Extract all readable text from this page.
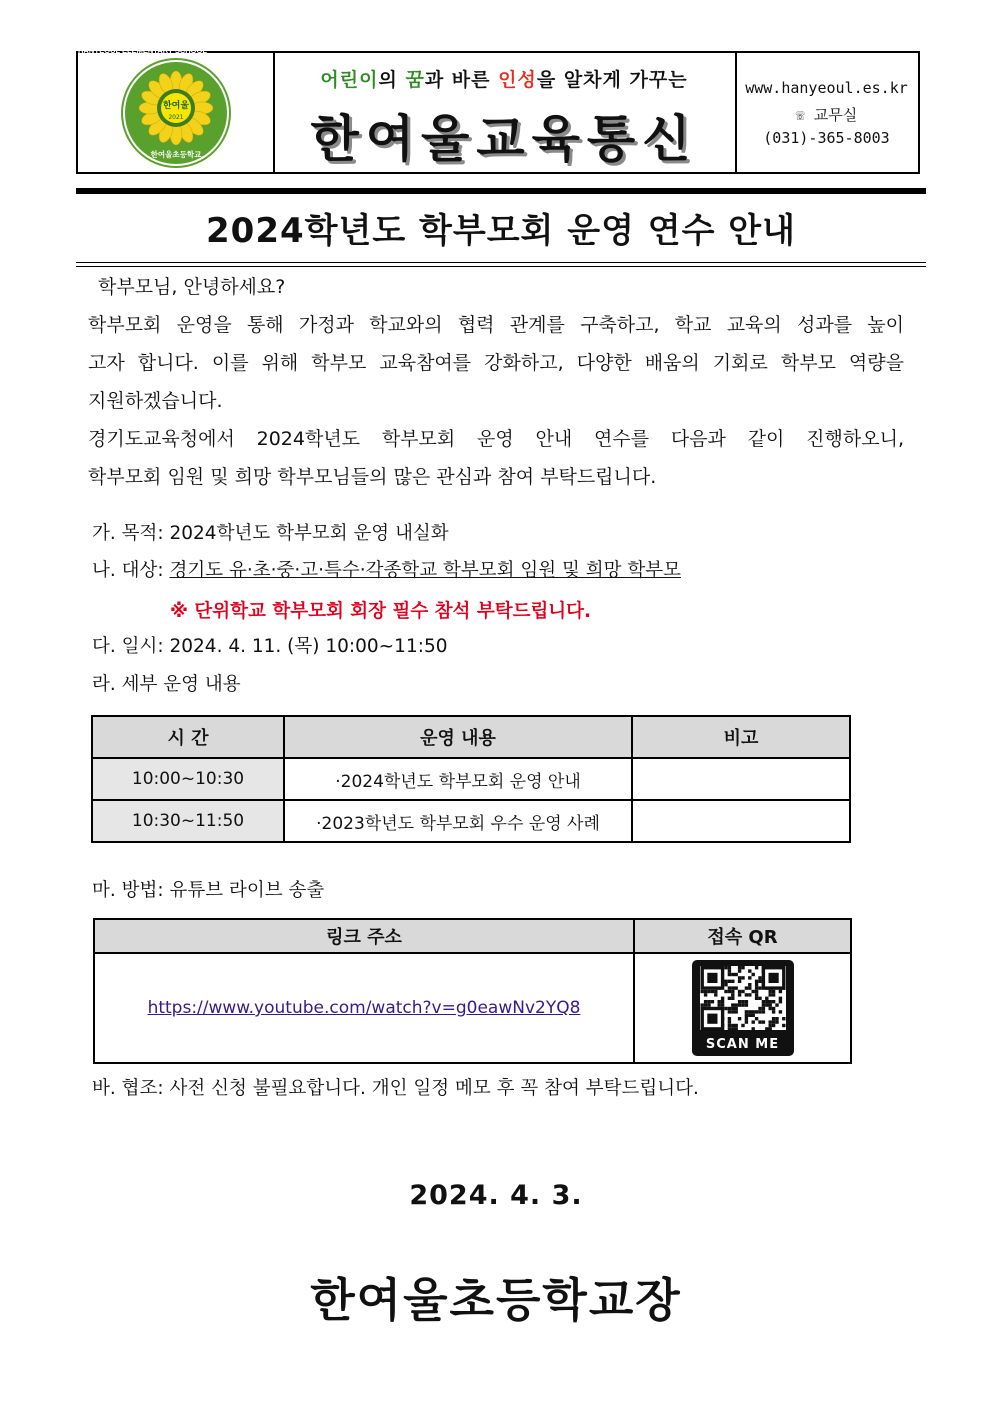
HANYEOUL ELEMENTARY SCHOOL
한여울
2021
한여울초등학교
어린이의 꿈과 바른 인성을 알차게 가꾸는
한여울교육통신
www.hanyeoul.es.kr
☏ 교무실
(031)-365-8003
2024학년도 학부모회 운영 연수 안내
학부모님, 안녕하세요?
학부모회 운영을 통해 가정과 학교와의 협력 관계를 구축하고, 학교 교육의 성과를 높이
고자 합니다. 이를 위해 학부모 교육참여를 강화하고, 다양한 배움의 기회로 학부모 역량을
지원하겠습니다.
경기도교육청에서 2024학년도 학부모회 운영 안내 연수를 다음과 같이 진행하오니,
학부모회 임원 및 희망 학부모님들의 많은 관심과 참여 부탁드립니다.
가. 목적: 2024학년도 학부모회 운영 내실화
나. 대상: 경기도 유·초·중·고·특수·각종학교 학부모회 임원 및 희망 학부모
※ 단위학교 학부모회 회장 필수 참석 부탁드립니다.
다. 일시: 2024. 4. 11. (목) 10:00~11:50
라. 세부 운영 내용
시 간	운영 내용	비고
10:00~10:30	·2024학년도 학부모회 운영 안내	
10:30~11:50	·2023학년도 학부모회 우수 운영 사례	
마. 방법: 유튜브 라이브 송출
링크 주소	접속 QR
https://www.youtube.com/watch?v=g0eawNv2YQ8	SCAN ME
바. 협조: 사전 신청 불필요합니다. 개인 일정 메모 후 꼭 참여 부탁드립니다.
2024. 4. 3.
한여울초등학교장
